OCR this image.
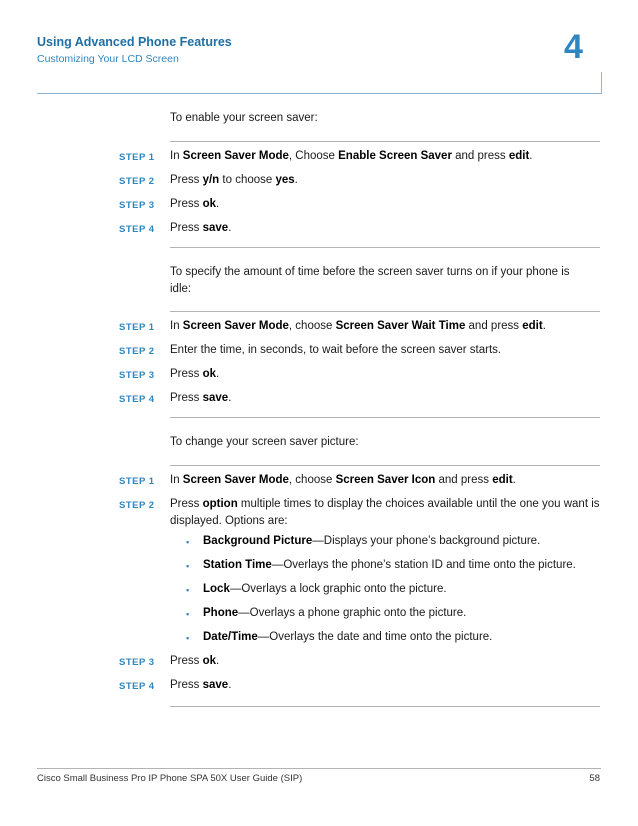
Using Advanced Phone Features
Customizing Your LCD Screen	4
To enable your screen saver:
STEP 1 In Screen Saver Mode, Choose Enable Screen Saver and press edit.
STEP 2 Press y/n to choose yes.
STEP 3 Press ok.
STEP 4 Press save.
To specify the amount of time before the screen saver turns on if your phone is idle:
STEP 1 In Screen Saver Mode, choose Screen Saver Wait Time and press edit.
STEP 2 Enter the time, in seconds, to wait before the screen saver starts.
STEP 3 Press ok.
STEP 4 Press save.
To change your screen saver picture:
STEP 1 In Screen Saver Mode, choose Screen Saver Icon and press edit.
STEP 2 Press option multiple times to display the choices available until the one you want is displayed. Options are:
▪ Background Picture—Displays your phone’s background picture.
▪ Station Time—Overlays the phone’s station ID and time onto the picture.
▪ Lock—Overlays a lock graphic onto the picture.
▪ Phone—Overlays a phone graphic onto the picture.
▪ Date/Time—Overlays the date and time onto the picture.
STEP 3 Press ok.
STEP 4 Press save.
Cisco Small Business Pro IP Phone SPA 50X User Guide (SIP)	58
